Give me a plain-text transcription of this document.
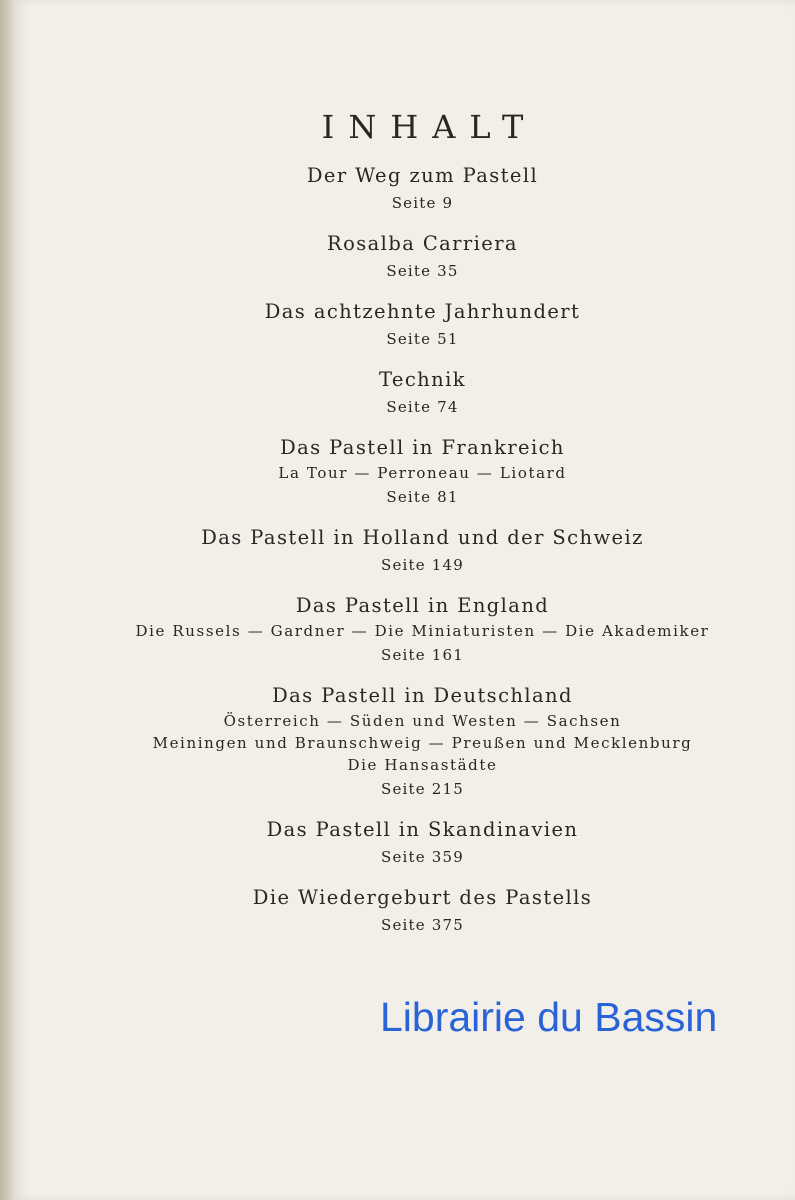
INHALT
Der Weg zum Pastell
Seite 9
Rosalba Carriera
Seite 35
Das achtzehnte Jahrhundert
Seite 51
Technik
Seite 74
Das Pastell in Frankreich
La Tour — Perroneau — Liotard
Seite 81
Das Pastell in Holland und der Schweiz
Seite 149
Das Pastell in England
Die Russels — Gardner — Die Miniaturisten — Die Akademiker
Seite 161
Das Pastell in Deutschland
Österreich — Süden und Westen — Sachsen
Meiningen und Braunschweig — Preußen und Mecklenburg
Die Hansastädte
Seite 215
Das Pastell in Skandinavien
Seite 359
Die Wiedergeburt des Pastells
Seite 375
Librairie du Bassin
